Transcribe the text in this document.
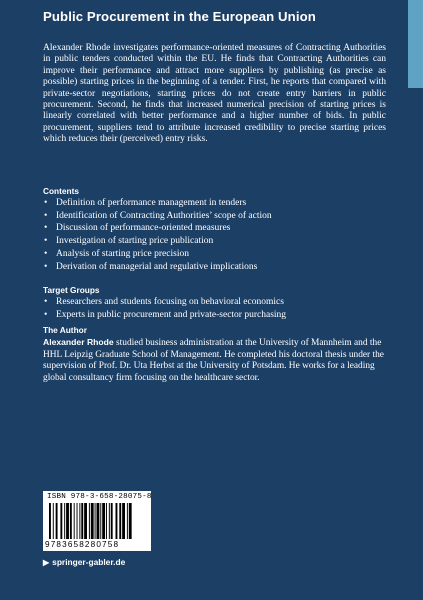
Public Procurement in the European Union

Alexander Rhode investigates performance-oriented measures of Contracting Authorities in public tenders conducted within the EU. He finds that Contracting Authorities can improve their performance and attract more suppliers by publishing (as precise as possible) starting prices in the beginning of a tender. First, he reports that compared with private-sector negotiations, starting prices do not create entry barriers in public procurement. Second, he finds that increased numerical precision of starting prices is linearly correlated with better performance and a higher number of bids. In public procurement, suppliers tend to attribute increased credibility to precise starting prices which reduces their (perceived) entry risks.

Contents
• Definition of performance management in tenders
• Identification of Contracting Authorities’ scope of action
• Discussion of performance-oriented measures
• Investigation of starting price publication
• Analysis of starting price precision
• Derivation of managerial and regulative implications
Target Groups
• Researchers and students focusing on behavioral economics
• Experts in public procurement and private-sector purchasing
The Author

Alexander Rhode studied business administration at the University of Mannheim and the HHL Leipzig Graduate School of Management. He completed his doctoral thesis under the supervision of Prof. Dr. Uta Herbst at the University of Potsdam. He works for a leading global consultancy firm focusing on the healthcare sector.

ISBN 978-3-658-28075-8
9783658280758
▶ springer-gabler.de
